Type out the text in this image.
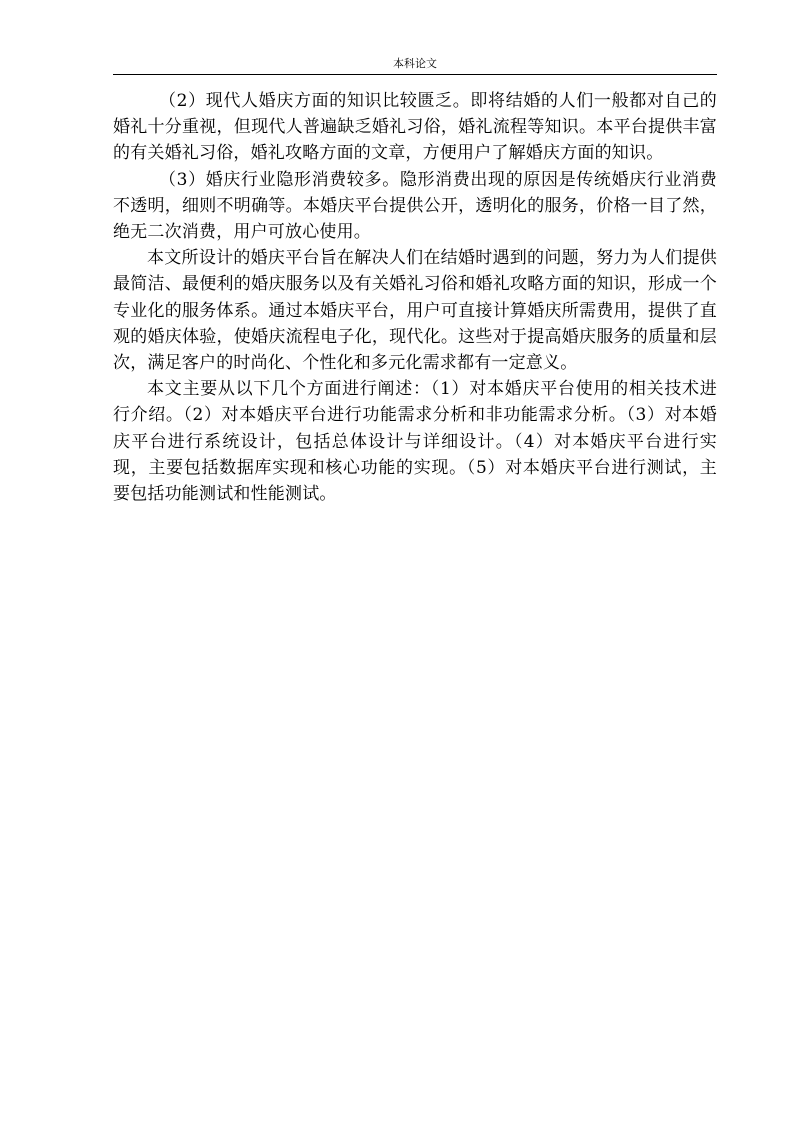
本科论文

（2）现代人婚庆方面的知识比较匮乏。即将结婚的人们一般都对自己的婚礼十分重视，但现代人普遍缺乏婚礼习俗，婚礼流程等知识。本平台提供丰富的有关婚礼习俗，婚礼攻略方面的文章，方便用户了解婚庆方面的知识。

（3）婚庆行业隐形消费较多。隐形消费出现的原因是传统婚庆行业消费不透明，细则不明确等。本婚庆平台提供公开，透明化的服务，价格一目了然，绝无二次消费，用户可放心使用。

本文所设计的婚庆平台旨在解决人们在结婚时遇到的问题，努力为人们提供最简洁、最便利的婚庆服务以及有关婚礼习俗和婚礼攻略方面的知识，形成一个专业化的服务体系。通过本婚庆平台，用户可直接计算婚庆所需费用，提供了直观的婚庆体验，使婚庆流程电子化，现代化。这些对于提高婚庆服务的质量和层次，满足客户的时尚化、个性化和多元化需求都有一定意义。

本文主要从以下几个方面进行阐述：（1）对本婚庆平台使用的相关技术进行介绍。（2）对本婚庆平台进行功能需求分析和非功能需求分析。（3）对本婚庆平台进行系统设计，包括总体设计与详细设计。（4）对本婚庆平台进行实现，主要包括数据库实现和核心功能的实现。（5）对本婚庆平台进行测试，主要包括功能测试和性能测试。
